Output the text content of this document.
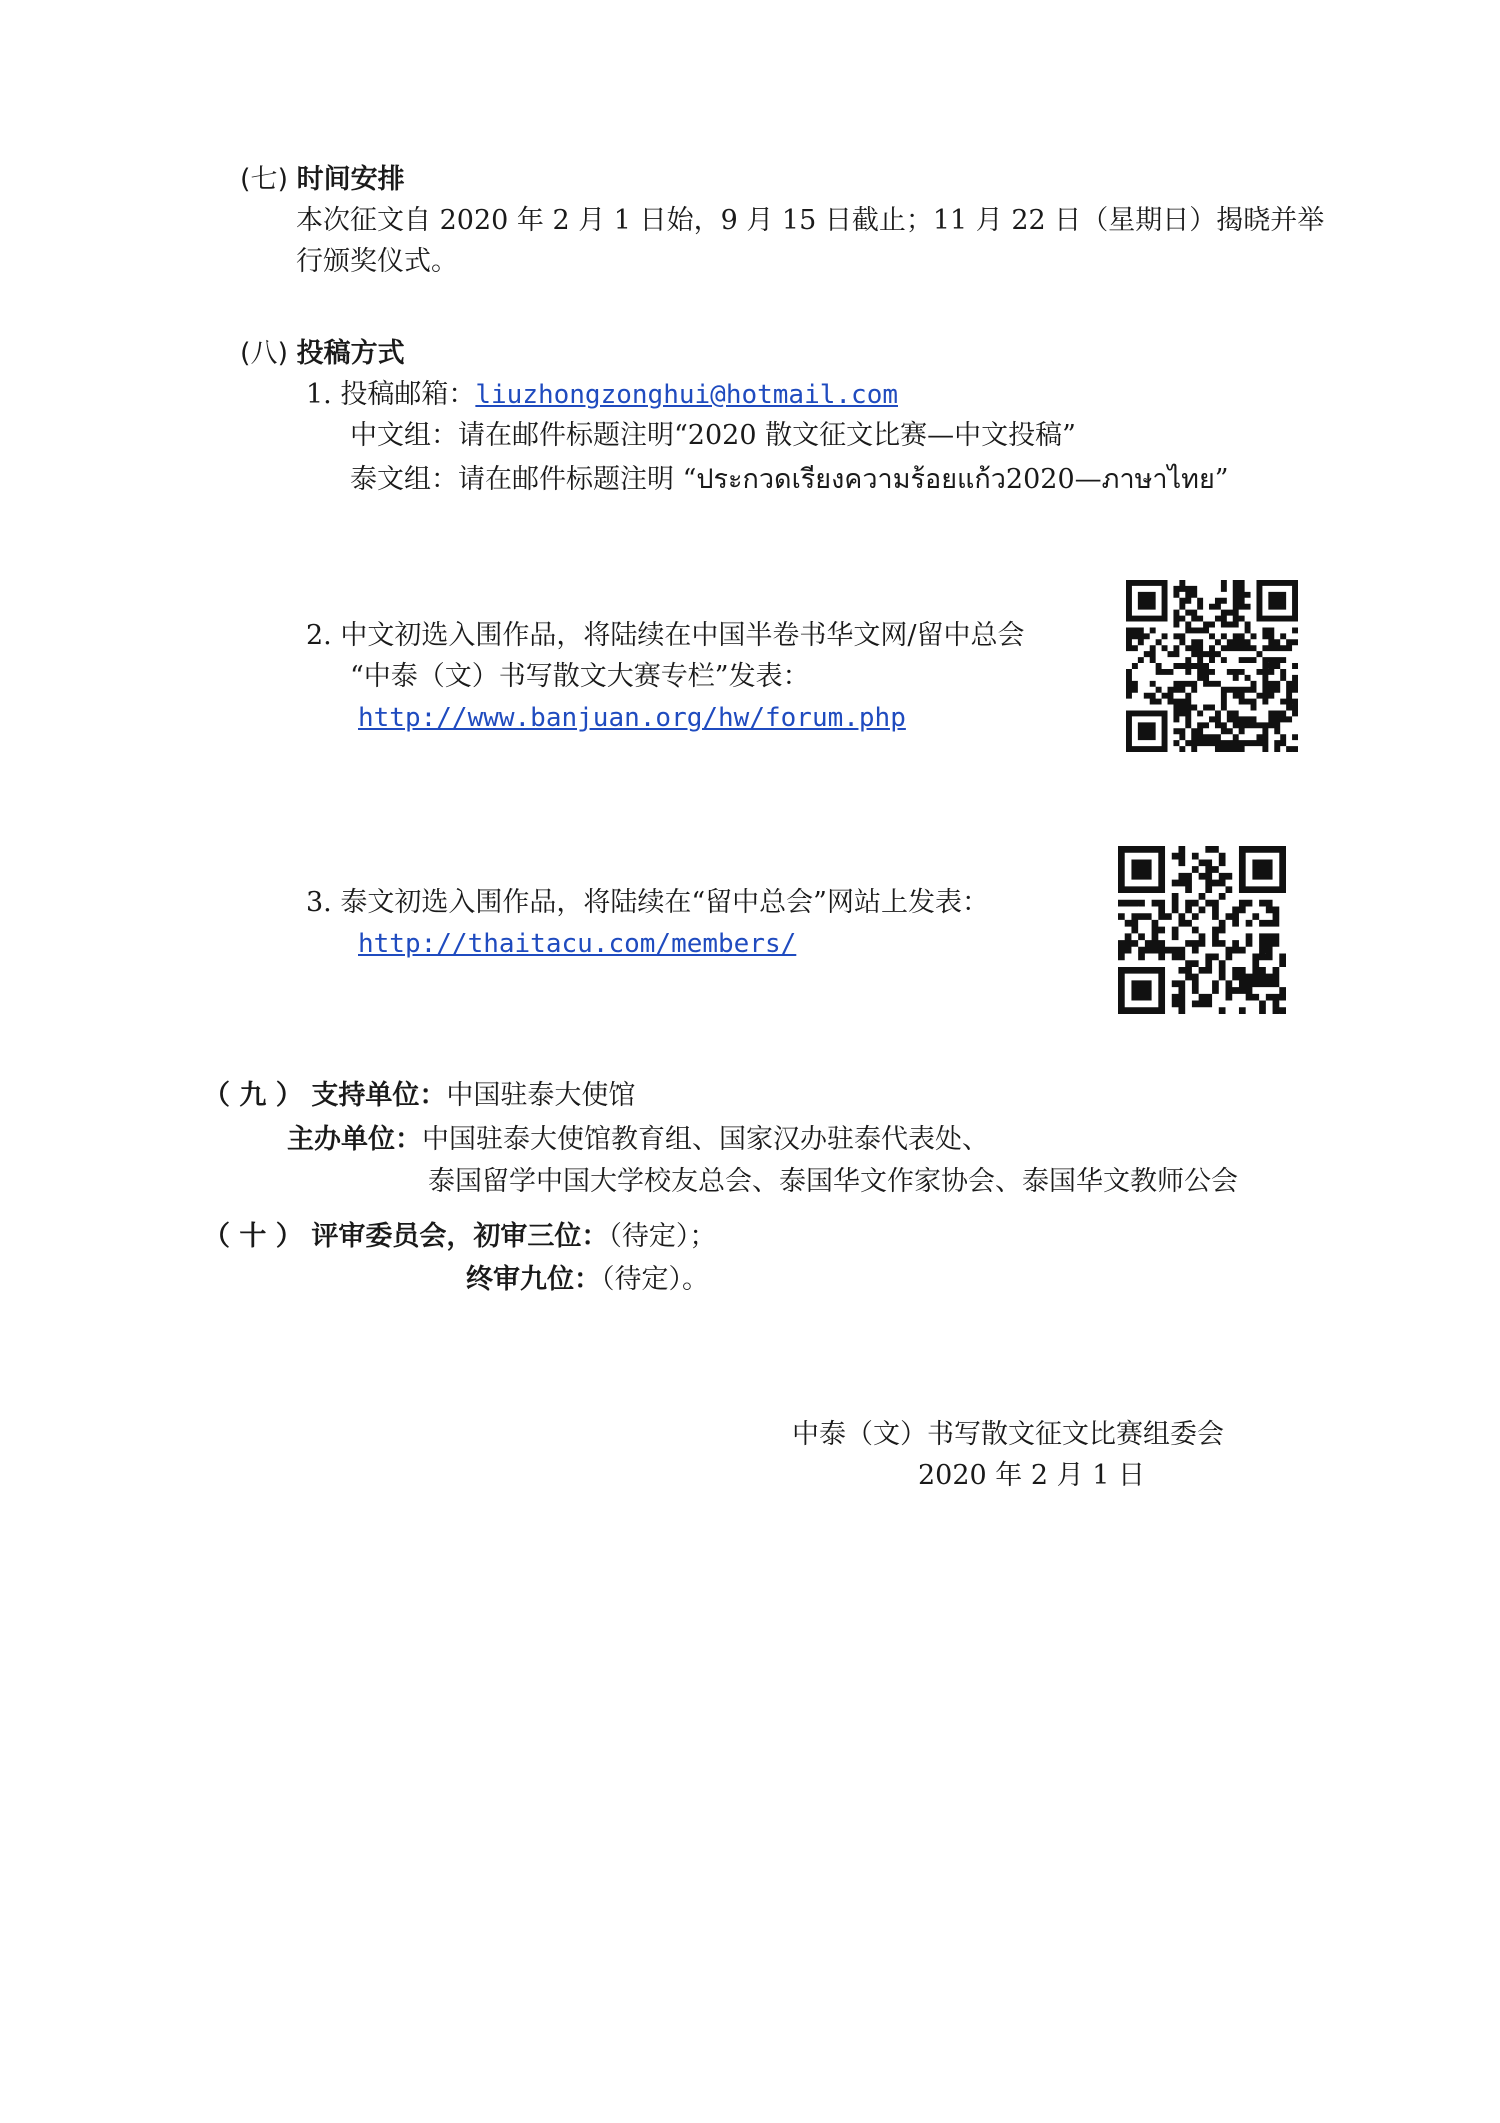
(七) 时间安排
本次征文自 2020 年 2 月 1 日始，9 月 15 日截止；11 月 22 日（星期日）揭晓并举
行颁奖仪式。
(八) 投稿方式
1. 投稿邮箱：liuzhongzonghui@hotmail.com
中文组：请在邮件标题注明“2020 散文征文比赛—中文投稿”
泰文组：请在邮件标题注明 “ประกวดเรียงความร้อยแก้ว2020—ภาษาไทย”
2. 中文初选入围作品，将陆续在中国半卷书华文网/留中总会
“中泰（文）书写散文大赛专栏”发表：
http://www.banjuan.org/hw/forum.php
3. 泰文初选入围作品，将陆续在“留中总会”网站上发表：
http://thaitacu.com/members/
（ 九 ） 支持单位：中国驻泰大使馆
主办单位：中国驻泰大使馆教育组、国家汉办驻泰代表处、
泰国留学中国大学校友总会、泰国华文作家协会、泰国华文教师公会
（ 十 ） 评审委员会，初审三位：（待定）；
终审九位：（待定）。
中泰（文）书写散文征文比赛组委会
2020 年 2 月 1 日
